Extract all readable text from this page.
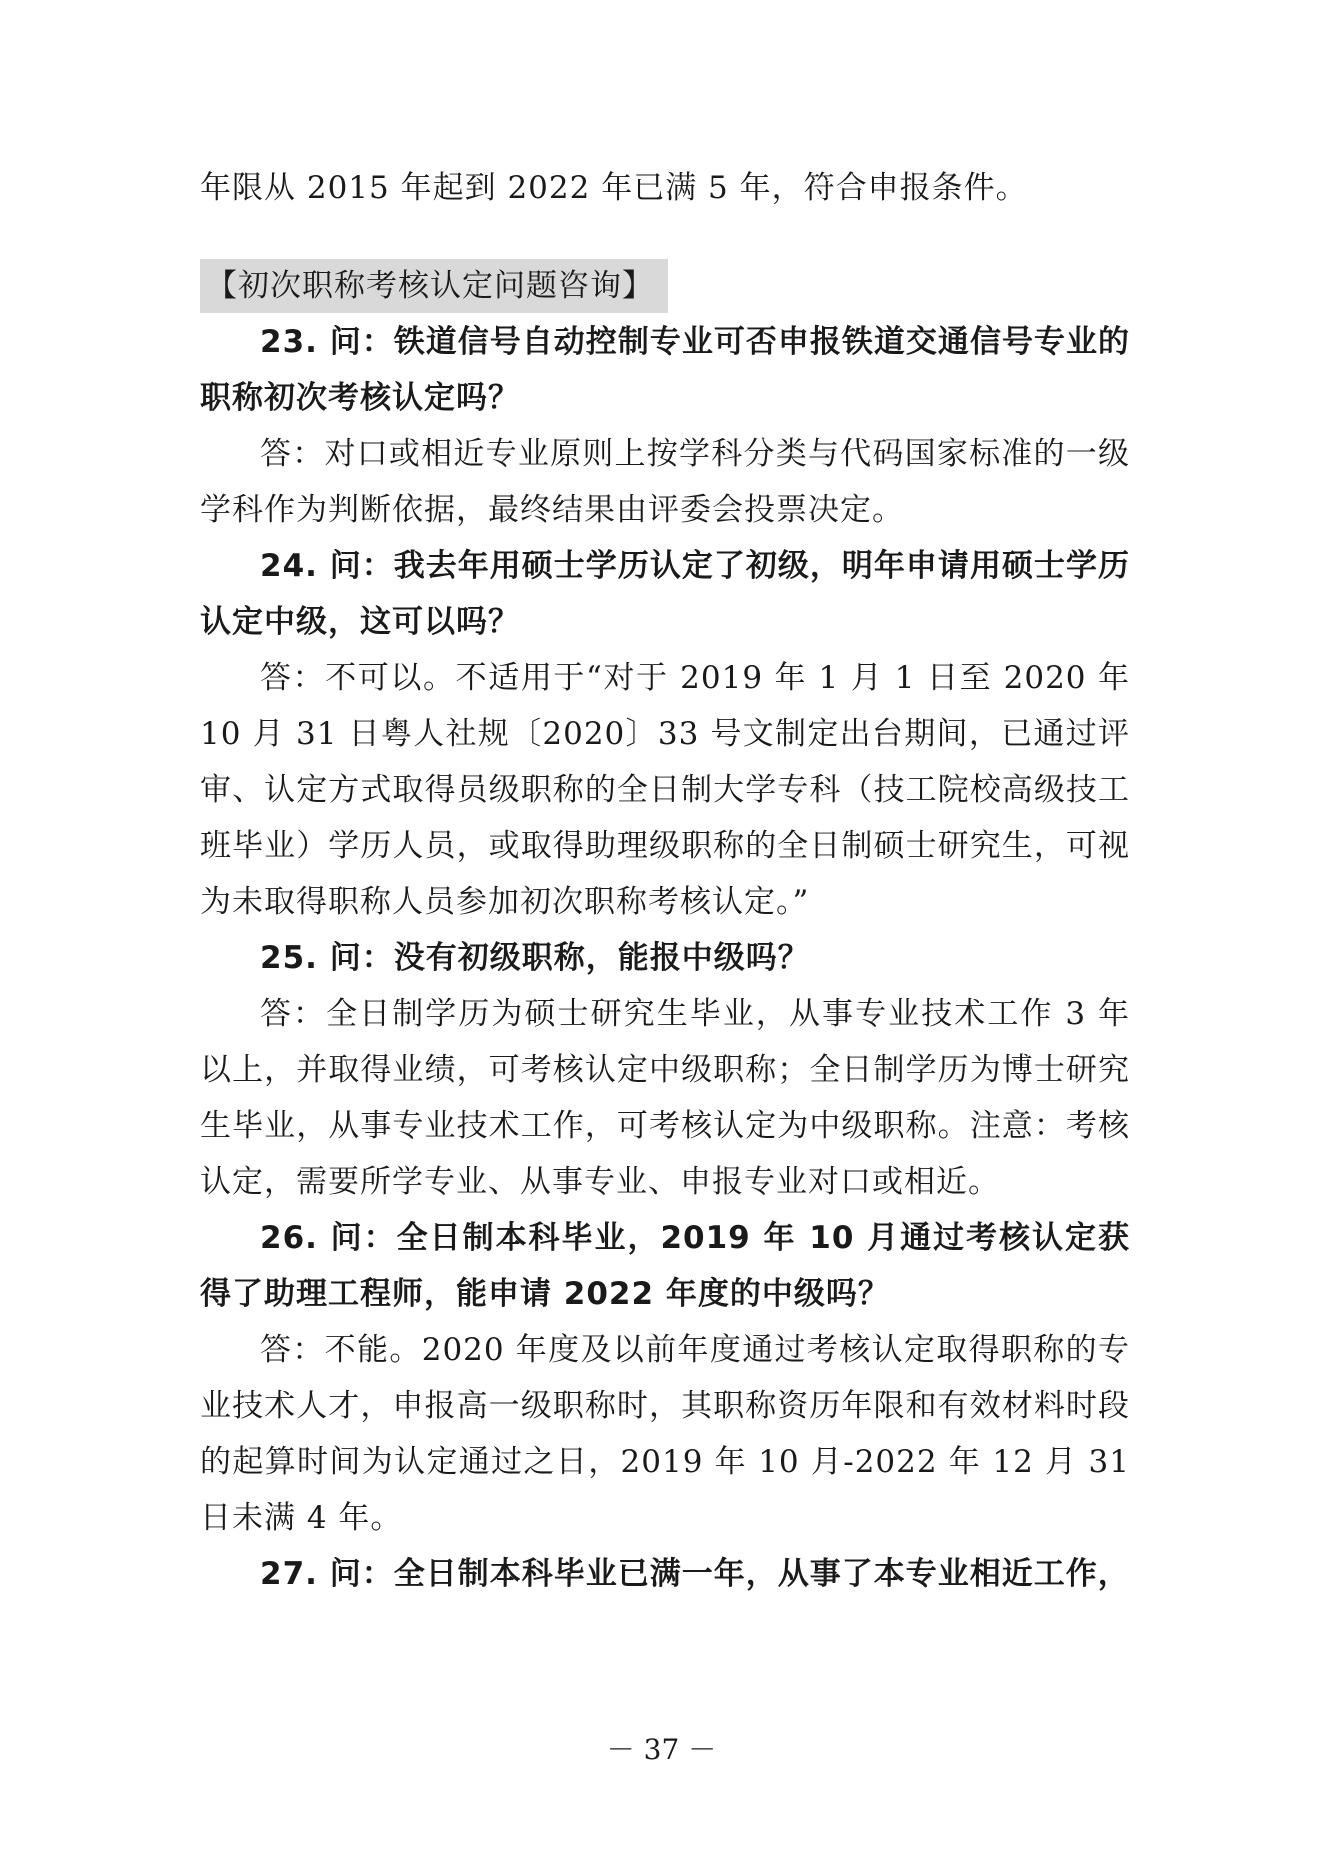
年限从 2015 年起到 2022 年已满 5 年，符合申报条件。

【初次职称考核认定问题咨询】

23. 问：铁道信号自动控制专业可否申报铁道交通信号专业的职称初次考核认定吗？

答：对口或相近专业原则上按学科分类与代码国家标准的一级学科作为判断依据，最终结果由评委会投票决定。

24. 问：我去年用硕士学历认定了初级，明年申请用硕士学历认定中级，这可以吗？

答：不可以。不适用于“对于 2019 年 1 月 1 日至 2020 年 10 月 31 日粤人社规〔2020〕33 号文制定出台期间，已通过评审、认定方式取得员级职称的全日制大学专科（技工院校高级技工班毕业）学历人员，或取得助理级职称的全日制硕士研究生，可视为未取得职称人员参加初次职称考核认定。”

25. 问：没有初级职称，能报中级吗？

答：全日制学历为硕士研究生毕业，从事专业技术工作 3 年以上，并取得业绩，可考核认定中级职称；全日制学历为博士研究生毕业，从事专业技术工作，可考核认定为中级职称。注意：考核认定，需要所学专业、从事专业、申报专业对口或相近。

26. 问：全日制本科毕业，2019 年 10 月通过考核认定获得了助理工程师，能申请 2022 年度的中级吗？

答：不能。2020 年度及以前年度通过考核认定取得职称的专业技术人才，申报高一级职称时，其职称资历年限和有效材料时段的起算时间为认定通过之日，2019 年 10 月-2022 年 12 月 31 日未满 4 年。

27. 问：全日制本科毕业已满一年，从事了本专业相近工作，

－ 37 －
